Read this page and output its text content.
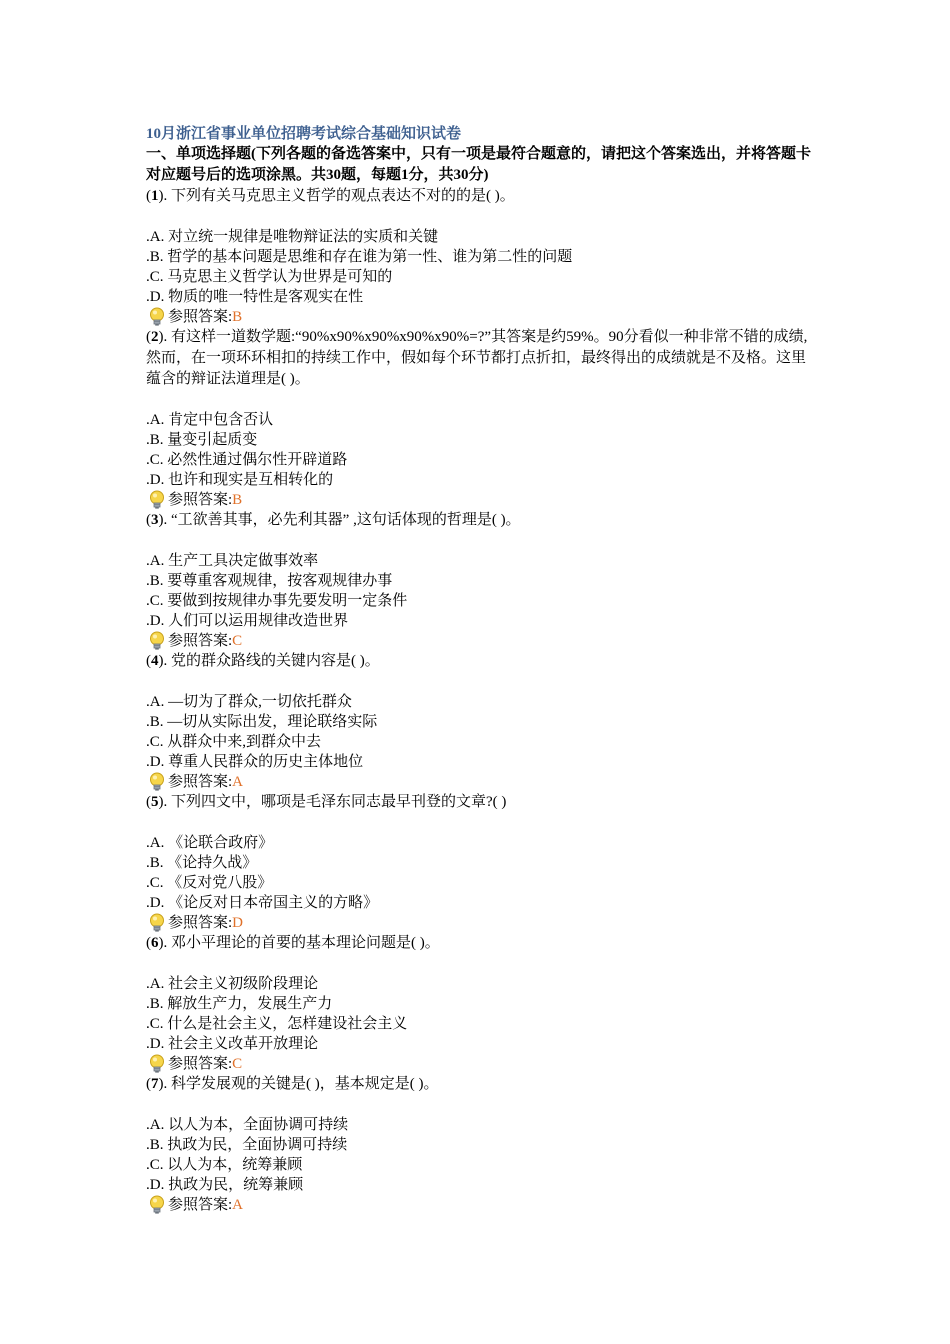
10月浙江省事业单位招聘考试综合基础知识试卷
一、单项选择题(下列各题的备选答案中，只有一项是最符合题意的，请把这个答案选出，并将答题卡对应题号后的选项涂黑。共30题，每题1分，共30分)
(1). 下列有关马克思主义哲学的观点表达不对的的是( )。
.A. 对立统一规律是唯物辩证法的实质和关键
.B. 哲学的基本问题是思维和存在谁为第一性、谁为第二性的问题
.C. 马克思主义哲学认为世界是可知的
.D. 物质的唯一特性是客观实在性
参照答案: B
(2). 有这样一道数学题:“90%x90%x90%x90%x90%=?”其答案是约59%。90分看似一种非常不错的成绩,然而，在一项环环相扣的持续工作中，假如每个环节都打点折扣，最终得出的成绩就是不及格。这里蕴含的辩证法道理是( )。
.A. 肯定中包含否认
.B. 量变引起质变
.C. 必然性通过偶尔性开辟道路
.D. 也许和现实是互相转化的
参照答案: B
(3). “工欲善其事，必先利其器” ,这句话体现的哲理是( )。
.A. 生产工具决定做事效率
.B. 要尊重客观规律，按客观规律办事
.C. 要做到按规律办事先要发明一定条件
.D. 人们可以运用规律改造世界
参照答案: C
(4). 党的群众路线的关键内容是( )。
.A. —切为了群众,一切依托群众
.B. —切从实际出发，理论联络实际
.C. 从群众中来,到群众中去
.D. 尊重人民群众的历史主体地位
参照答案: A
(5). 下列四文中，哪项是毛泽东同志最早刊登的文章?( )
.A. 《论联合政府》
.B. 《论持久战》
.C. 《反对党八股》
.D. 《论反对日本帝国主义的方略》
参照答案: D
(6). 邓小平理论的首要的基本理论问题是( )。
.A. 社会主义初级阶段理论
.B. 解放生产力，发展生产力
.C. 什么是社会主义，怎样建设社会主义
.D. 社会主义改革开放理论
参照答案: C
(7). 科学发展观的关键是( )，基本规定是( )。
.A. 以人为本，全面协调可持续
.B. 执政为民，全面协调可持续
.C. 以人为本，统筹兼顾
.D. 执政为民，统筹兼顾
参照答案: A
